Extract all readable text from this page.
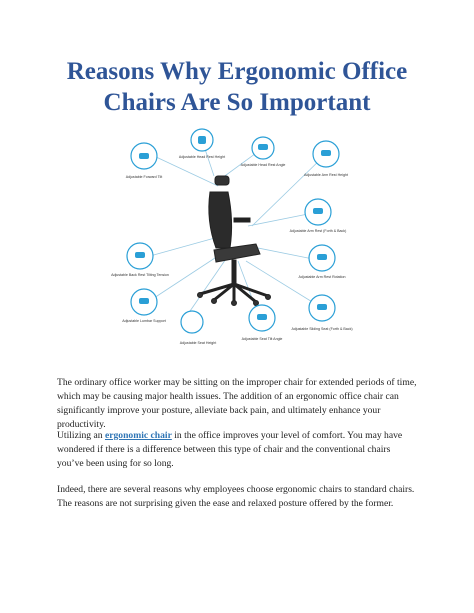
Reasons Why Ergonomic Office
Chairs Are So Important
Adjustable Forward Tilt
Adjustable Head Rest Height
Adjustable Head Rest Angle
Adjustable Arm Rest Height
Adjustable Arm Rest (Forth & Back)
Adjustable Back Rest Tilting Tension	Adjustable Arm Rest Rotation
Adjustable Lumbar Support
Adjustable Seat Height
Adjustable Seat Tilt Angle
Adjustable Sliding Seat (Forth & Back)

The ordinary office worker may be sitting on the improper chair for extended periods of time, which may be causing major health issues. The addition of an ergonomic office chair can significantly improve your posture, alleviate back pain, and ultimately enhance your productivity.

Utilizing an ergonomic chair in the office improves your level of comfort. You may have wondered if there is a difference between this type of chair and the conventional chairs you’ve been using for so long.

Indeed, there are several reasons why employees choose ergonomic chairs to standard chairs. The reasons are not surprising given the ease and relaxed posture offered by the former.
